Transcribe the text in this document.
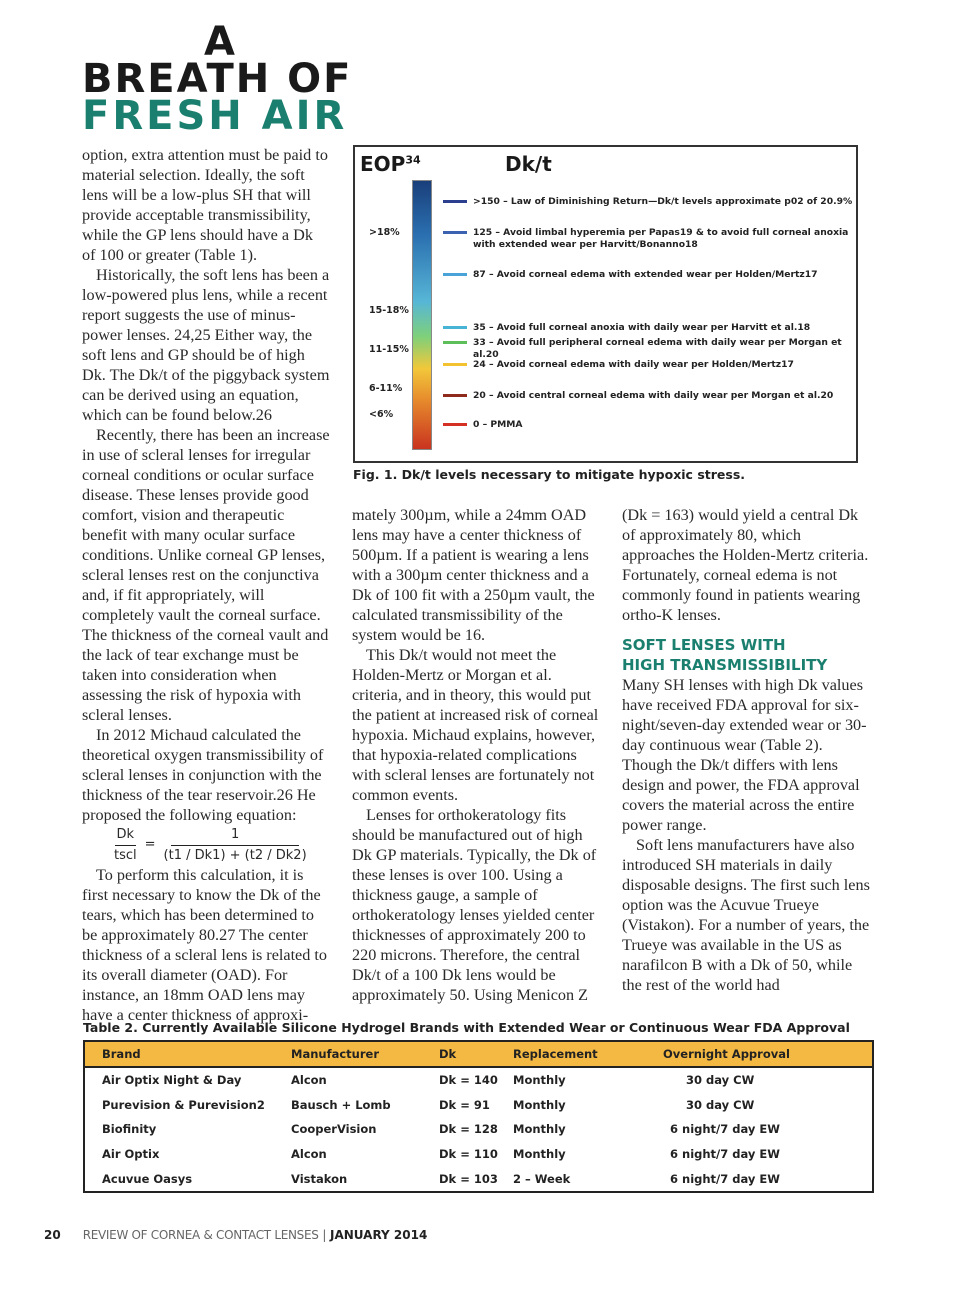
A
BREATH OF
FRESH AIR

option, extra attention must be paid to material selection. Ideally, the soft lens will be a low-plus SH that will provide acceptable transmissibility, while the GP lens should have a Dk of 100 or greater (Table 1).

Historically, the soft lens has been a low-powered plus lens, while a recent report suggests the use of minus-power lenses. 24,25 Either way, the soft lens and GP should be of high Dk. The Dk/t of the piggyback system can be derived using an equation, which can be found below.26

Recently, there has been an increase in use of scleral lenses for irregular corneal conditions or ocular surface disease. These lenses provide good comfort, vision and therapeutic benefit with many ocular surface conditions. Unlike corneal GP lenses, scleral lenses rest on the conjunctiva and, if fit appropriately, will completely vault the corneal surface. The thickness of the corneal vault and the lack of tear exchange must be taken into consideration when assessing the risk of hypoxia with scleral lenses.

In 2012 Michaud calculated the theoretical oxygen transmissibility of scleral lenses in conjunction with the thickness of the tear reservoir.26 He proposed the following equation:

$\frac{Dk}{\text{tscl}} = \frac{1}{(t1 / Dk1) + (t2 / Dk2)}$

To perform this calculation, it is first necessary to know the Dk of the tears, which has been determined to be approximately 80.27 The center thickness of a scleral lens is related to its overall diameter (OAD). For instance, an 18mm OAD lens may have a center thickness of approxi-

EOP$^{34}$	Dk/t
>18%
15-18%
11-15%
6-11%
<6%
>150 – Law of Diminishing Return—Dk/t levels approximate p02 of 20.9%
125 – Avoid limbal hyperemia per Papas19 & to avoid full corneal anoxia with extended wear per Harvitt/Bonanno18
87 – Avoid corneal edema with extended wear per Holden/Mertz17
35 – Avoid full corneal anoxia with daily wear per Harvitt et al.18
33 – Avoid full peripheral corneal edema with daily wear per Morgan et al.20
24 – Avoid corneal edema with daily wear per Holden/Mertz17
20 – Avoid central corneal edema with daily wear per Morgan et al.20
0 – PMMA
Fig. 1. Dk/t levels necessary to mitigate hypoxic stress.

mately 300µm, while a 24mm OAD lens may have a center thickness of 500µm. If a patient is wearing a lens with a 300µm center thickness and a Dk of 100 fit with a 250µm vault, the calculated transmissibility of the system would be 16.

This Dk/t would not meet the Holden-Mertz or Morgan et al. criteria, and in theory, this would put the patient at increased risk of corneal hypoxia. Michaud explains, however, that hypoxia-related complications with scleral lenses are fortunately not common events.

Lenses for orthokeratology fits should be manufactured out of high Dk GP materials. Typically, the Dk of these lenses is over 100. Using a thickness gauge, a sample of orthokeratology lenses yielded center thicknesses of approximately 200 to 220 microns. Therefore, the central Dk/t of a 100 Dk lens would be approximately 50. Using Menicon Z

(Dk = 163) would yield a central Dk of approximately 80, which approaches the Holden-Mertz criteria. Fortunately, corneal edema is not commonly found in patients wearing ortho-K lenses.

SOFT LENSES WITH
HIGH TRANSMISSIBILITY

Many SH lenses with high Dk values have received FDA approval for six-night/seven-day extended wear or 30-day continuous wear (Table 2). Though the Dk/t differs with lens design and power, the FDA approval covers the material across the entire power range.

Soft lens manufacturers have also introduced SH materials in daily disposable designs. The first such lens option was the Acuvue Trueye (Vistakon). For a number of years, the Trueye was available in the US as narafilcon B with a Dk of 50, while the rest of the world had

Table 2. Currently Available Silicone Hydrogel Brands with Extended Wear or Continuous Wear FDA Approval
Brand	Manufacturer	Dk	Replacement	Overnight Approval
Air Optix Night & Day	Alcon	Dk = 140	Monthly	30 day CW
Purevision & Purevision2	Bausch + Lomb	Dk = 91	Monthly	30 day CW
Biofinity	CooperVision	Dk = 128	Monthly	6 night/7 day EW
Air Optix	Alcon	Dk = 110	Monthly	6 night/7 day EW
Acuvue Oasys	Vistakon	Dk = 103	2 – Week	6 night/7 day EW
20 REVIEW OF CORNEA & CONTACT LENSES | JANUARY 2014
